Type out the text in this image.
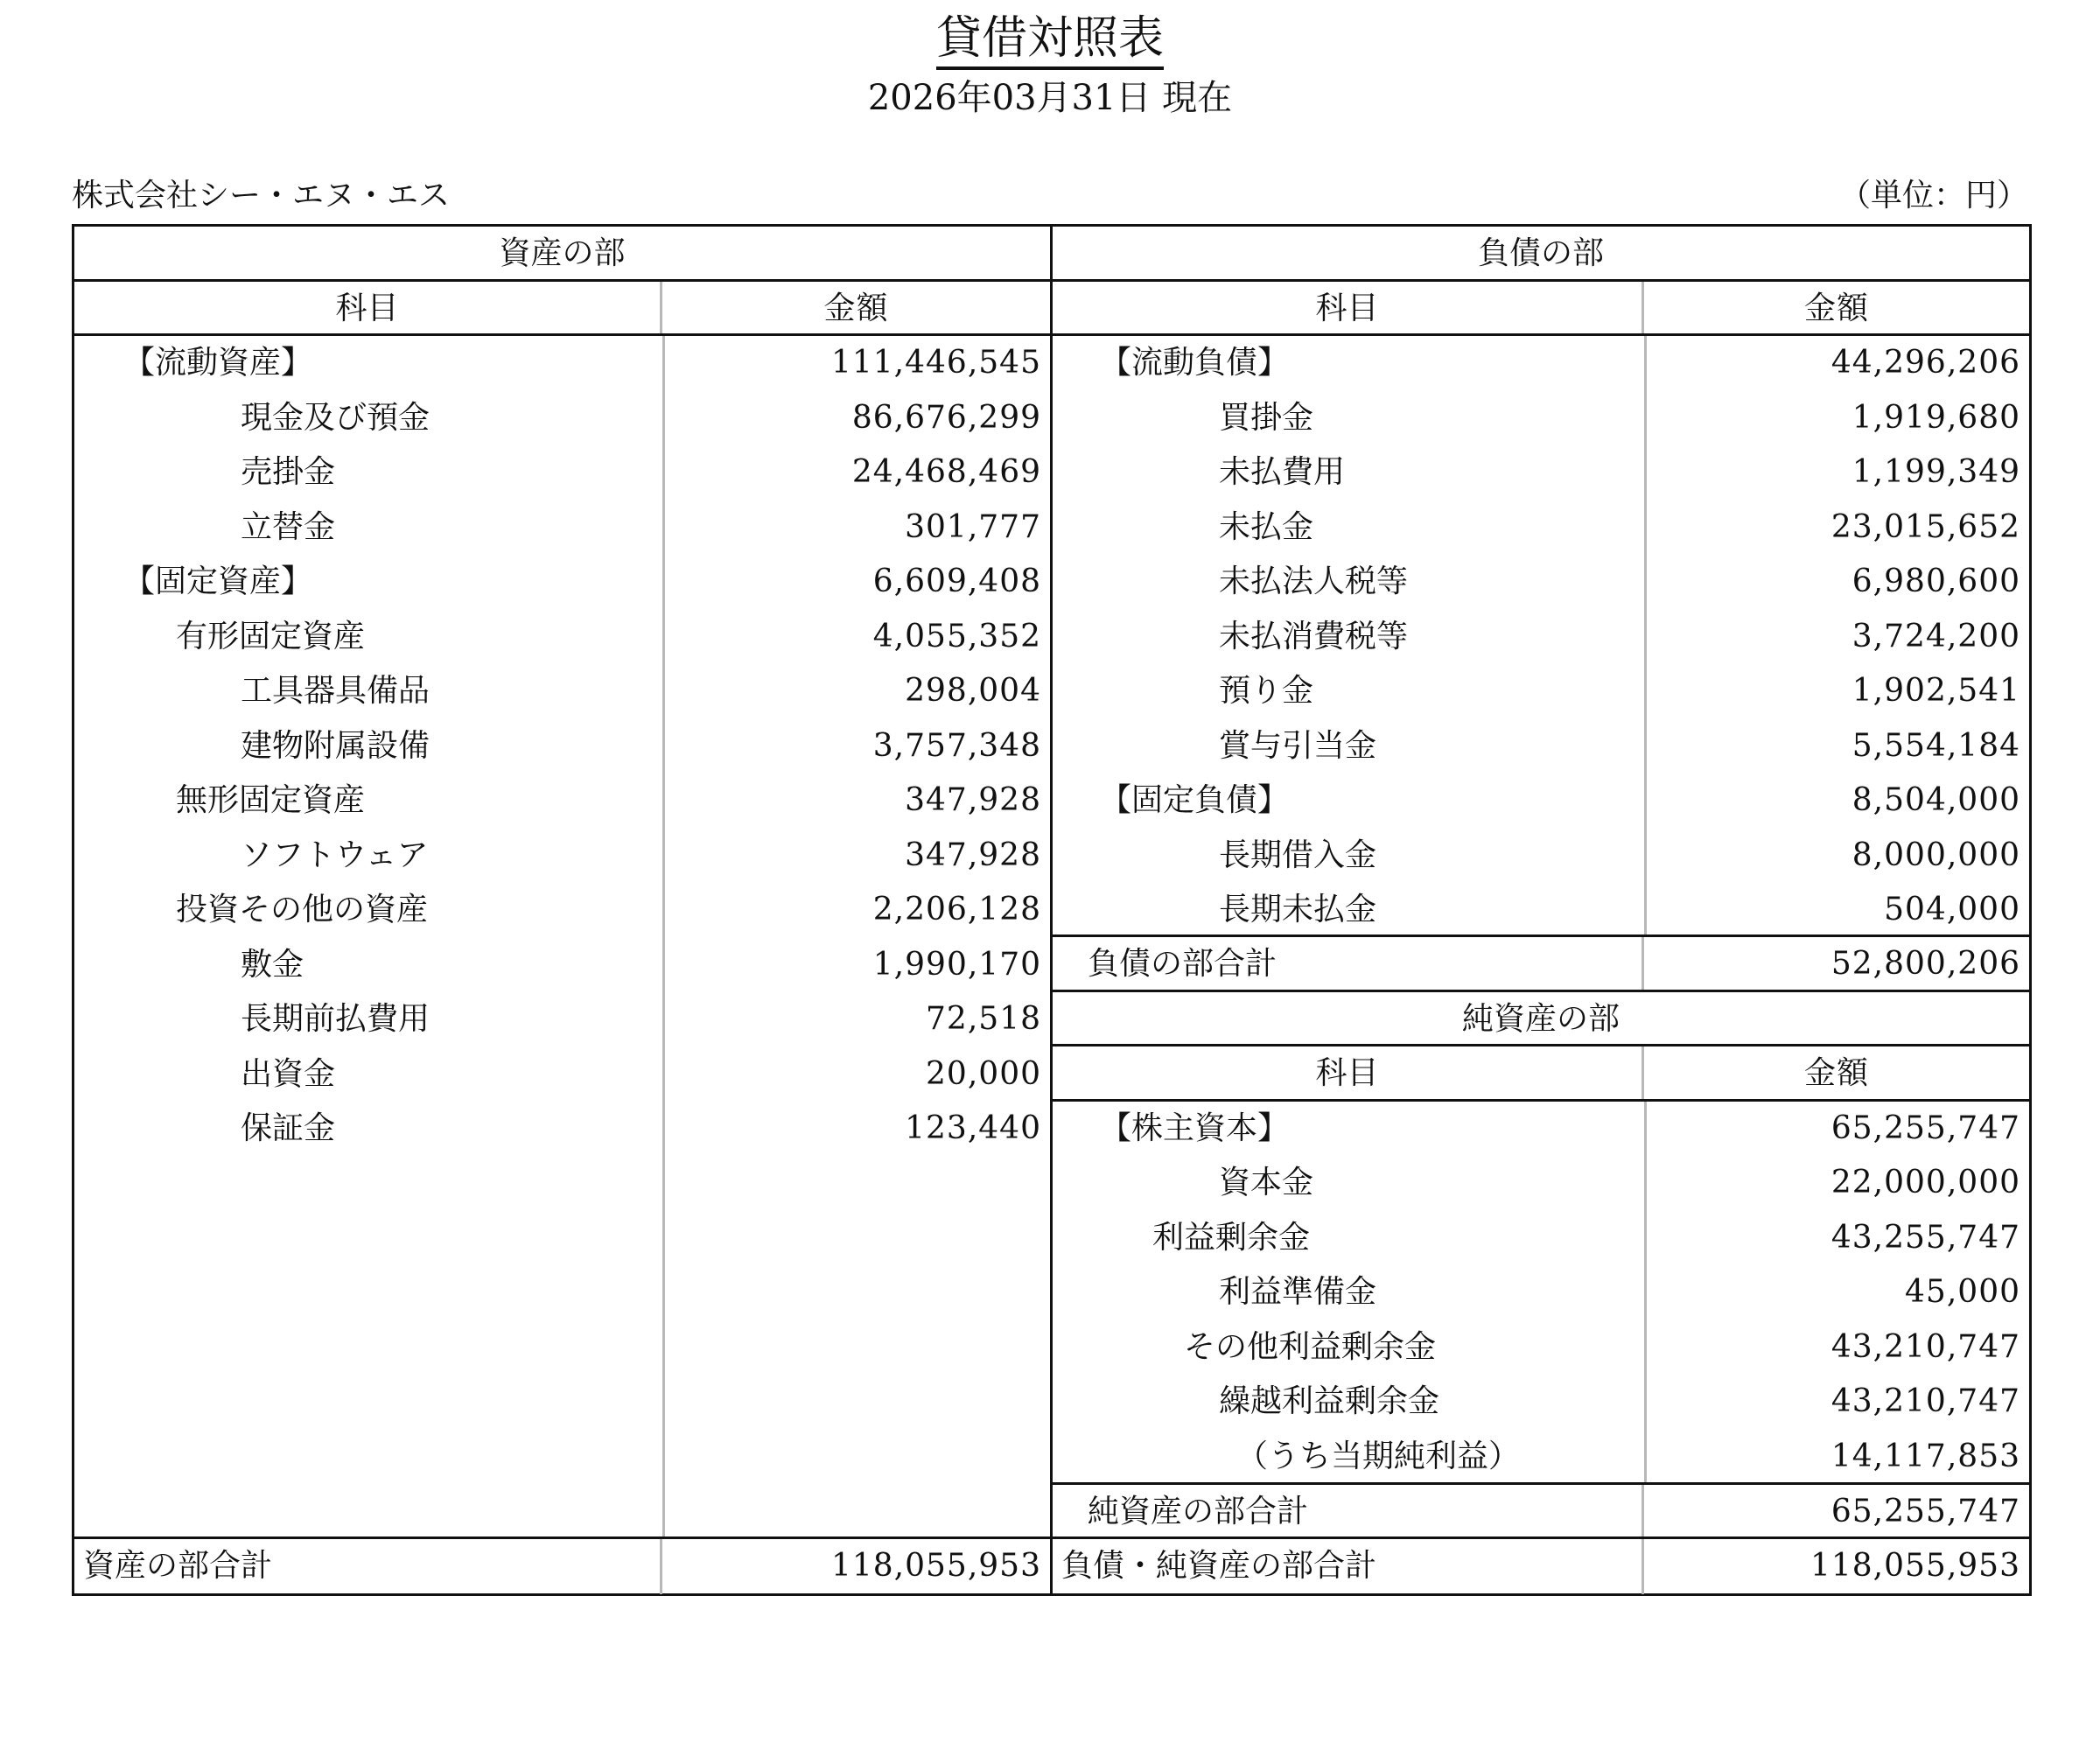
貸借対照表
2026年03月31日 現在
株式会社シー・エヌ・エス	（単位：円）
資産の部
科目	金額
【流動資産】	111,446,545
現金及び預金	86,676,299
売掛金	24,468,469
立替金	301,777
【固定資産】	6,609,408
有形固定資産	4,055,352
工具器具備品	298,004
建物附属設備	3,757,348
無形固定資産	347,928
ソフトウェア	347,928
投資その他の資産	2,206,128
敷金	1,990,170
長期前払費用	72,518
出資金	20,000
保証金	123,440
資産の部合計	118,055,953
負債の部
科目	金額
【流動負債】	44,296,206
買掛金	1,919,680
未払費用	1,199,349
未払金	23,015,652
未払法人税等	6,980,600
未払消費税等	3,724,200
預り金	1,902,541
賞与引当金	5,554,184
【固定負債】	8,504,000
長期借入金	8,000,000
長期未払金	504,000
負債の部合計	52,800,206
純資産の部
科目	金額
【株主資本】	65,255,747
資本金	22,000,000
利益剰余金	43,255,747
利益準備金	45,000
その他利益剰余金	43,210,747
繰越利益剰余金	43,210,747
（うち当期純利益）	14,117,853
純資産の部合計	65,255,747
負債・純資産の部合計	118,055,953
